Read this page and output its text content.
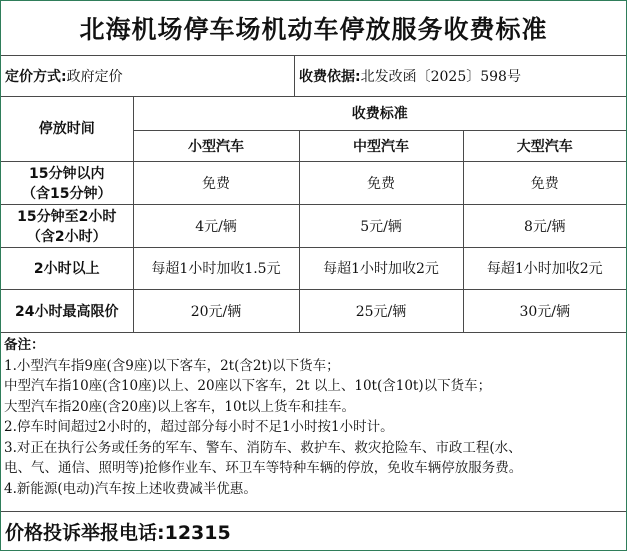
北海机场停车场机动车停放服务收费标准
定价方式: 政府定价	收费依据: 北发改函〔2025〕598号
停放时间	收费标准		
	小型汽车	中型汽车	大型汽车

15分钟以内
（含15分钟）	免费	免费	免费

15分钟至2小时
（含2小时）	4元/辆	5元/辆	8元/辆
2小时以上	每超1小时加收1.5元	每超1小时加收2元	每超1小时加收2元
24小时最高限价	20元/辆	25元/辆	30元/辆
备注：
1.小型汽车指9座(含9座)以下客车，2t(含2t)以下货车；
中型汽车指10座(含10座)以上、20座以下客车，2t 以上、10t(含10t)以下货车；
大型汽车指20座(含20座)以上客车，10t以上货车和挂车。
2.停车时间超过2小时的，超过部分每小时不足1小时按1小时计。
3.对正在执行公务或任务的军车、警车、消防车、救护车、救灾抢险车、市政工程(水、
电、气、通信、照明等)抢修作业车、环卫车等特种车辆的停放，免收车辆停放服务费。
4.新能源(电动)汽车按上述收费减半优惠。
价格投诉举报电话:12315
